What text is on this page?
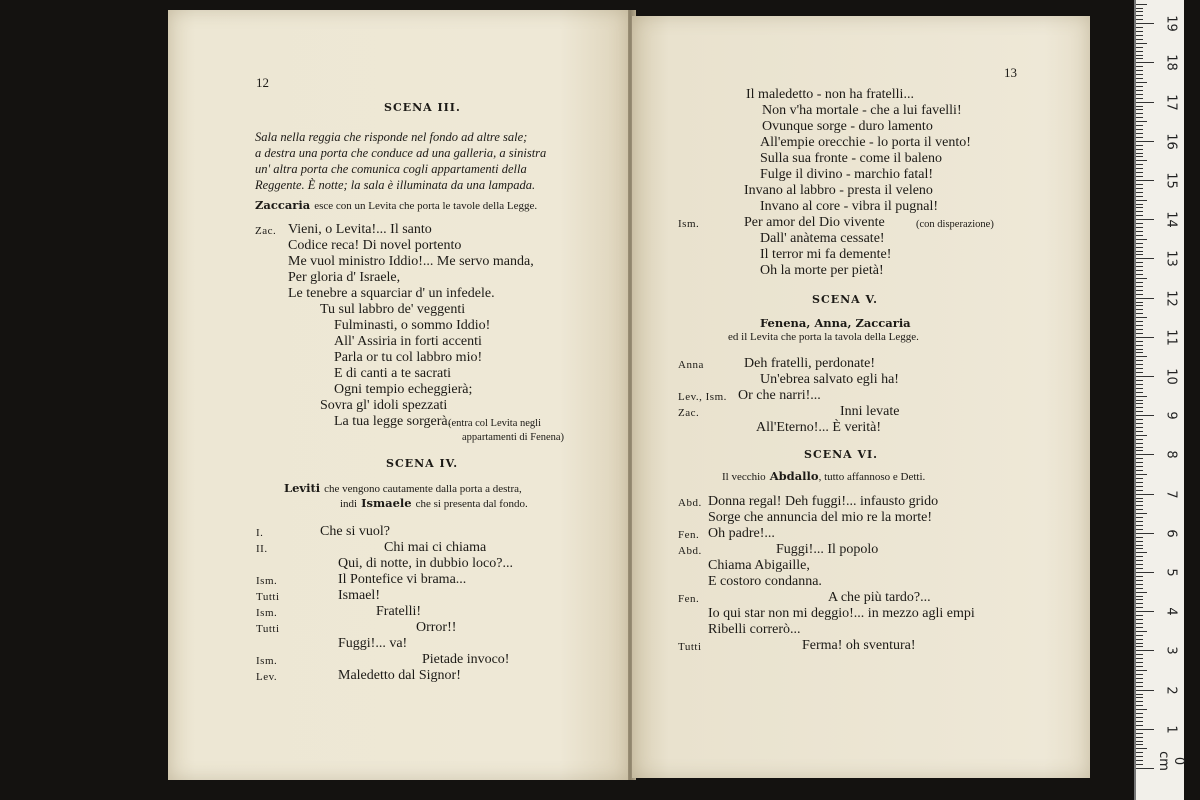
12
SCENA III.
Sala nella reggia che risponde nel fondo ad altre sale;
a destra una porta che conduce ad una galleria, a sinistra
un' altra porta che comunica cogli appartamenti della
Reggente. È notte; la sala è illuminata da una lampada.
Zaccaria esce con un Levita che porta le tavole della Legge.
Zac. Vieni, o Levita!... Il santo
Codice reca! Di novel portento
Me vuol ministro Iddio!... Me servo manda,
Per gloria d' Israele,
Le tenebre a squarciar d' un infedele.
Tu sul labbro de' veggenti
Fulminasti, o sommo Iddio!
All' Assiria in forti accenti
Parla or tu col labbro mio!
E di canti a te sacrati
Ogni tempio echeggierà;
Sovra gl' idoli spezzati
La tua legge sorgerà.
(entra col Levita negli
appartamenti di Fenena)
SCENA IV.
Leviti che vengono cautamente dalla porta a destra,
indi Ismaele che si presenta dal fondo.
I.	Che si vuol?
II.	Chi mai ci chiama
Qui, di notte, in dubbio loco?...
Ism.	Il Pontefice vi brama...
Tutti	Ismael!
Ism.	Fratelli!
Tutti	Orror!!
Fuggi!... va!
Ism.	Pietade invoco!
Lev.	Maledetto dal Signor!
13
Il maledetto - non ha fratelli...
Non v'ha mortale - che a lui favelli!
Ovunque sorge - duro lamento
All'empie orecchie - lo porta il vento!
Sulla sua fronte - come il baleno
Fulge il divino - marchio fatal!
Invano al labbro - presta il veleno
Invano al core - vibra il pugnal!
Ism.	Per amor del Dio vivente	(con disperazione)
Dall' anàtema cessate!
Il terror mi fa demente!
Oh la morte per pietà!
SCENA V.
Fenena, Anna, Zaccaria
ed il Levita che porta la tavola della Legge.
Anna	Deh fratelli, perdonate!
Un'ebrea salvato egli ha!
Lev., Ism. Or che narri!...
Zac.	Inni levate
All'Eterno!... È verità!
SCENA VI.
Il vecchio Abdallo, tutto affannoso e Detti.
Abd. Donna regal! Deh fuggi!... infausto grido
Sorge che annuncia del mio re la morte!
Fen. Oh padre!...
Abd.	Fuggi!... Il popolo
Chiama Abigaille,
E costoro condanna.
Fen.	A che più tardo?...
Io qui star non mi deggio!... in mezzo agli empi
Ribelli correrò...
Tutti	Ferma! oh sventura!
0 cm
1
2
3
4
5
6
7
8
9
10
11
12
13
14
15
16
17
18
19
